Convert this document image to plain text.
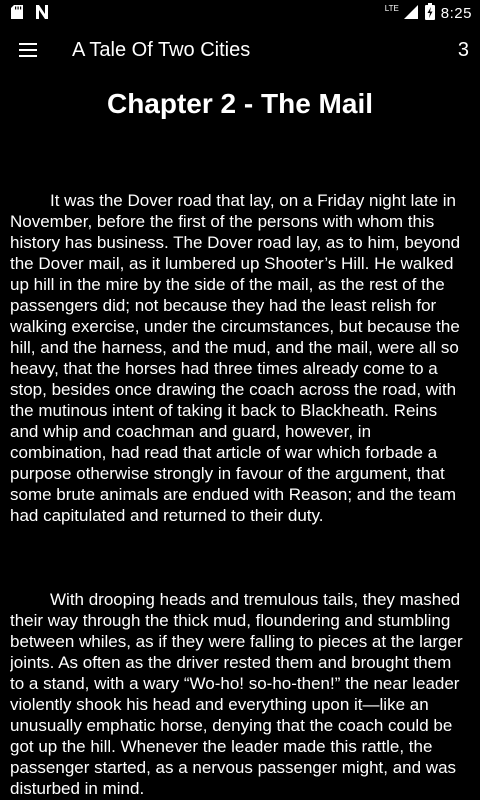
LTE	8:25
A Tale Of Two Cities	3
Chapter 2 - The Mail

It was the Dover road that lay, on a Friday night late in November, before the first of the persons with whom this history has business. The Dover road lay, as to him, beyond the Dover mail, as it lumbered up Shooter’s Hill. He walked up hill in the mire by the side of the mail, as the rest of the passengers did; not because they had the least relish for walking exercise, under the circumstances, but because the hill, and the harness, and the mud, and the mail, were all so heavy, that the horses had three times already come to a stop, besides once drawing the coach across the road, with the mutinous intent of taking it back to Blackheath. Reins and whip and coachman and guard, however, in combination, had read that article of war which forbade a purpose otherwise strongly in favour of the argument, that some brute animals are endued with Reason; and the team had capitulated and returned to their duty.

With drooping heads and tremulous tails, they mashed their way through the thick mud, floundering and stumbling between whiles, as if they were falling to pieces at the larger joints. As often as the driver rested them and brought them to a stand, with a wary “Wo-ho! so-ho-then!” the near leader violently shook his head and everything upon it—like an unusually emphatic horse, denying that the coach could be got up the hill. Whenever the leader made this rattle, the passenger started, as a nervous passenger might, and was disturbed in mind.
